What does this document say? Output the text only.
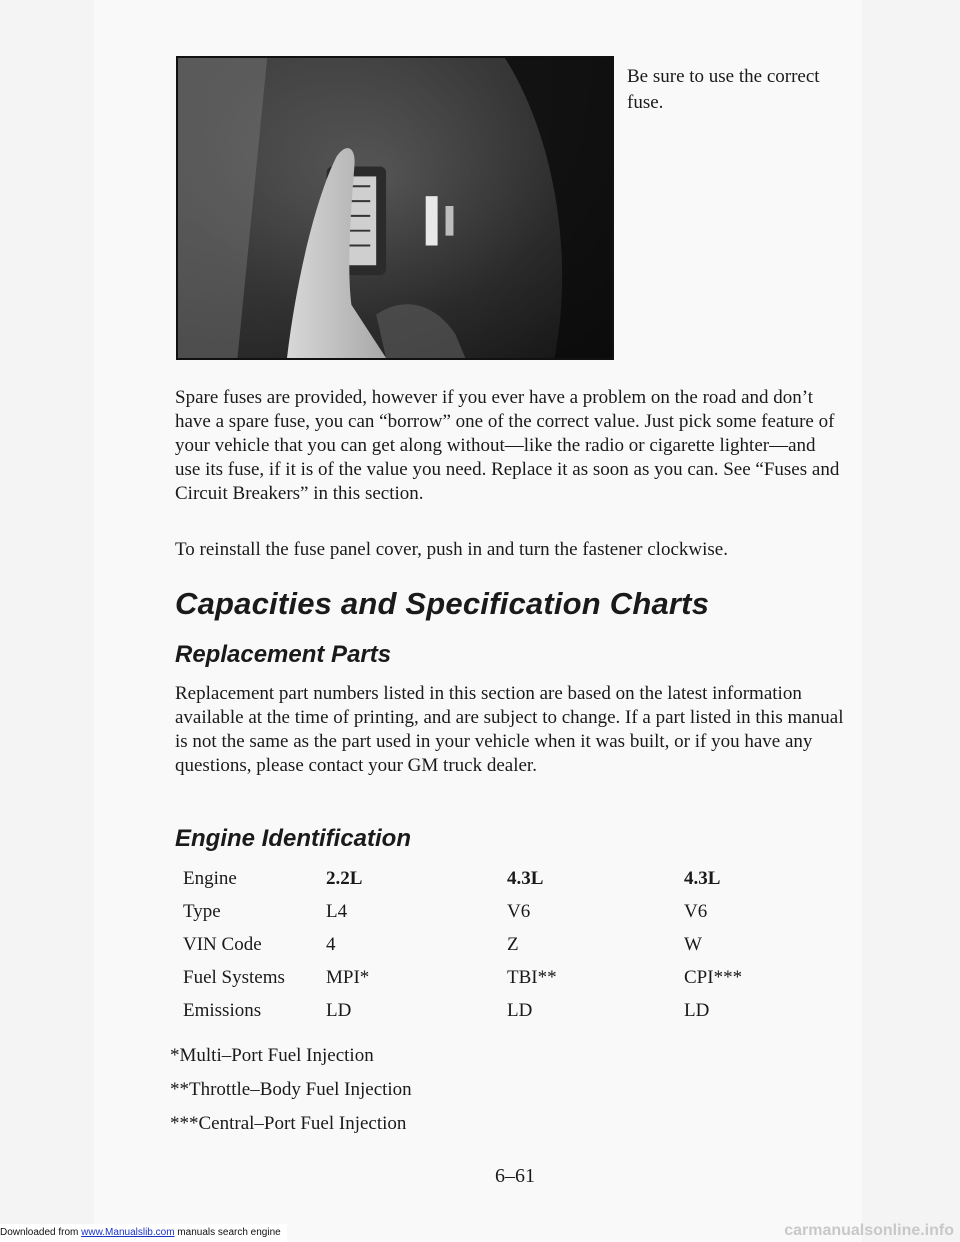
Be sure to use the correct fuse.

Spare fuses are provided, however if you ever have a problem on the road and don’t have a spare fuse, you can “borrow” one of the correct value. Just pick some feature of your vehicle that you can get along without—like the radio or cigarette lighter—and use its fuse, if it is of the value you need. Replace it as soon as you can. See “Fuses and Circuit Breakers” in this section.

To reinstall the fuse panel cover, push in and turn the fastener clockwise.

Capacities and Specification Charts
Replacement Parts

Replacement part numbers listed in this section are based on the latest information available at the time of printing, and are subject to change. If a part listed in this manual is not the same as the part used in your vehicle when it was built, or if you have any questions, please contact your GM truck dealer.

Engine Identification
Engine	2.2L	4.3L	4.3L
Type	L4	V6	V6
VIN Code	4	Z	W
Fuel Systems	MPI*	TBI**	CPI***
Emissions	LD	LD	LD
*Multi–Port Fuel Injection
**Throttle–Body Fuel Injection
***Central–Port Fuel Injection
6–61
Downloaded from www.Manualslib.com manuals search engine	carmanualsonline.info
